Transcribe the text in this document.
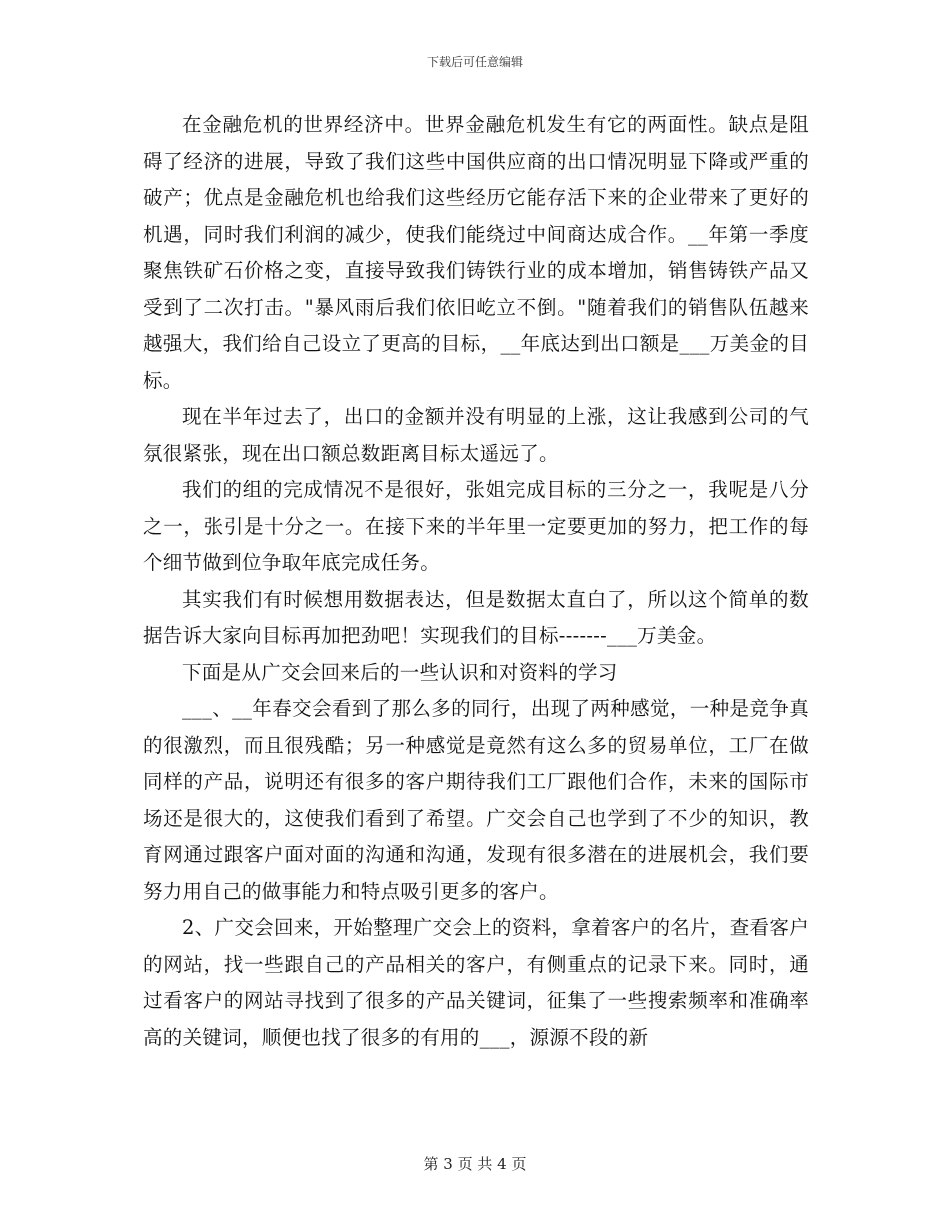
下载后可任意编辑

在金融危机的世界经济中。世界金融危机发生有它的两面性。缺点是阻碍了经济的进展，导致了我们这些中国供应商的出口情况明显下降或严重的破产；优点是金融危机也给我们这些经历它能存活下来的企业带来了更好的机遇，同时我们利润的减少，使我们能绕过中间商达成合作。__年第一季度聚焦铁矿石价格之变，直接导致我们铸铁行业的成本增加，销售铸铁产品又受到了二次打击。"暴风雨后我们依旧屹立不倒。"随着我们的销售队伍越来越强大，我们给自己设立了更高的目标，__年底达到出口额是___万美金的目标。

现在半年过去了，出口的金额并没有明显的上涨，这让我感到公司的气氛很紧张，现在出口额总数距离目标太遥远了。

我们的组的完成情况不是很好，张姐完成目标的三分之一，我呢是八分之一，张引是十分之一。在接下来的半年里一定要更加的努力，把工作的每个细节做到位争取年底完成任务。

其实我们有时候想用数据表达，但是数据太直白了，所以这个简单的数据告诉大家向目标再加把劲吧！实现我们的目标-------___万美金。

下面是从广交会回来后的一些认识和对资料的学习

___、__年春交会看到了那么多的同行，出现了两种感觉，一种是竞争真的很激烈，而且很残酷；另一种感觉是竟然有这么多的贸易单位，工厂在做同样的产品，说明还有很多的客户期待我们工厂跟他们合作，未来的国际市场还是很大的，这使我们看到了希望。广交会自己也学到了不少的知识，教育网通过跟客户面对面的沟通和沟通，发现有很多潜在的进展机会，我们要努力用自己的做事能力和特点吸引更多的客户。

2、广交会回来，开始整理广交会上的资料，拿着客户的名片，查看客户的网站，找一些跟自己的产品相关的客户，有侧重点的记录下来。同时，通过看客户的网站寻找到了很多的产品关键词，征集了一些搜索频率和准确率高的关键词，顺便也找了很多的有用的___，源源不段的新

第 3 页 共 4 页
